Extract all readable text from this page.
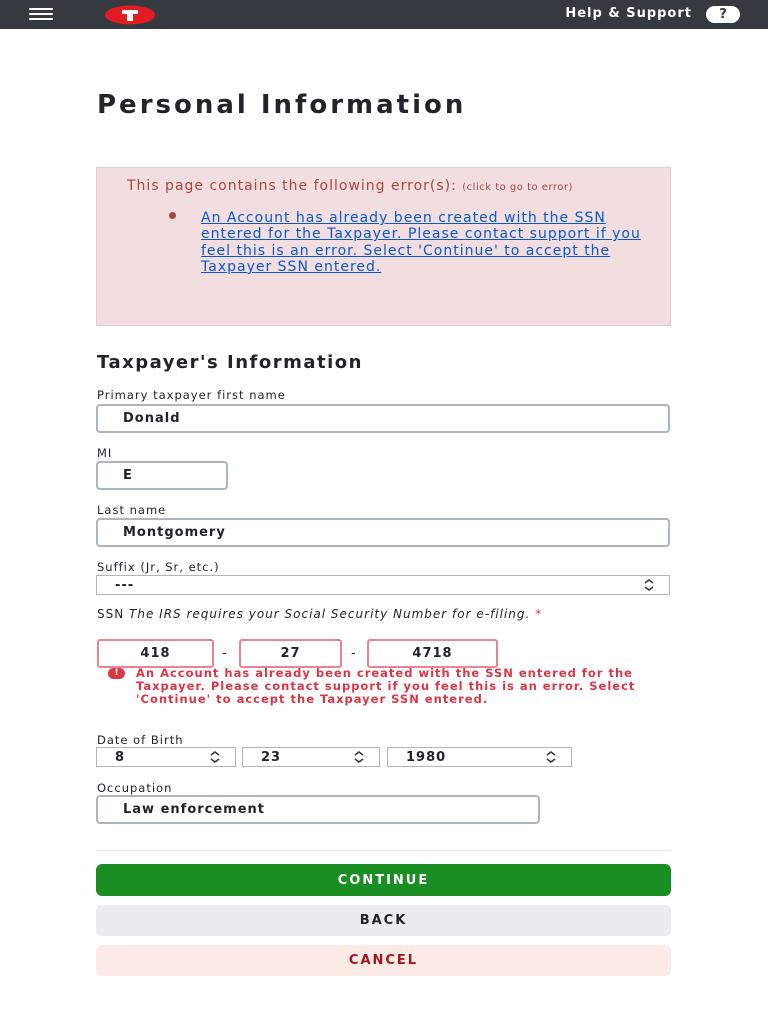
Help & Support	?
Personal Information
This page contains the following error(s): (click to go to error)
An Account has already been created with the SSN entered for the Taxpayer. Please contact support if you feel this is an error. Select 'Continue' to accept the Taxpayer SSN entered.
Taxpayer's Information
Primary taxpayer first name
Donald
MI
E
Last name
Montgomery
Suffix (Jr, Sr, etc.)
---
SSN The IRS requires your Social Security Number for e-filing. *
418	-	27	-	4718
!	An Account has already been created with the SSN entered for the Taxpayer. Please contact support if you feel this is an error. Select 'Continue' to accept the Taxpayer SSN entered.
Date of Birth
8	23	1980
Occupation
Law enforcement
CONTINUE
BACK
CANCEL
